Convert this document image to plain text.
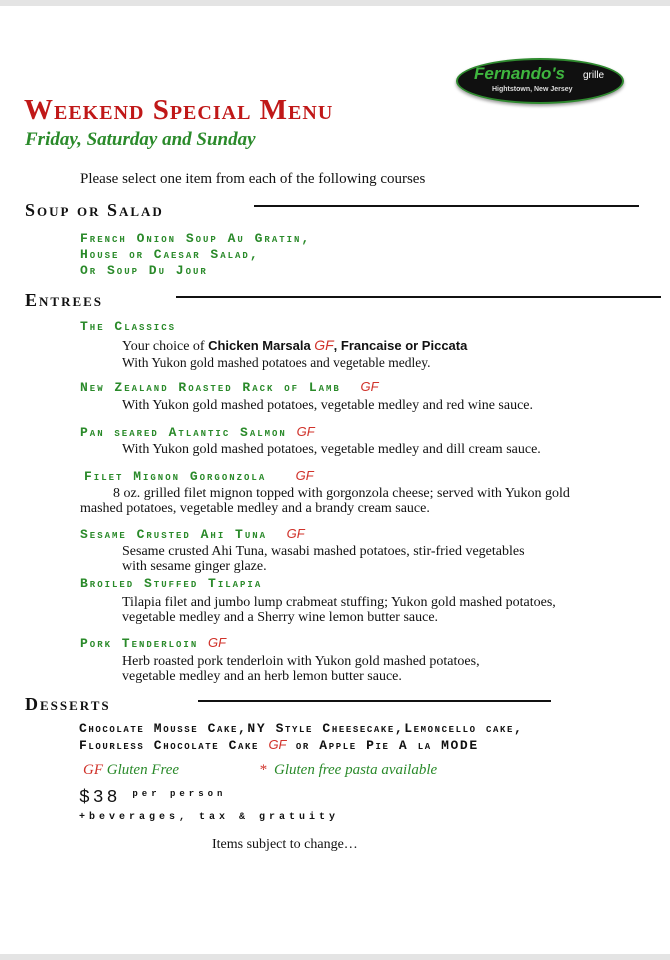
Fernando's grille
Hightstown, New Jersey
Weekend Special Menu
Friday, Saturday and Sunday
Please select one item from each of the following courses
Soup or Salad
French Onion Soup Au Gratin,
House or Caesar Salad,
Or Soup Du Jour
Entrees
The Classics
Your choice of Chicken Marsala GF, Francaise or Piccata
With Yukon gold mashed potatoes and vegetable medley.
New Zealand Roasted Rack of Lamb GF
With Yukon gold mashed potatoes, vegetable medley and red wine sauce.
Pan seared Atlantic Salmon GF
With Yukon gold mashed potatoes, vegetable medley and dill cream sauce.
Filet Mignon Gorgonzola GF
8 oz. grilled filet mignon topped with gorgonzola cheese; served with Yukon gold
mashed potatoes, vegetable medley and a brandy cream sauce.
Sesame Crusted Ahi Tuna GF
Sesame crusted Ahi Tuna, wasabi mashed potatoes, stir-fried vegetables
with sesame ginger glaze.
Broiled Stuffed Tilapia
Tilapia filet and jumbo lump crabmeat stuffing; Yukon gold mashed potatoes,
vegetable medley and a Sherry wine lemon butter sauce.
Pork Tenderloin GF
Herb roasted pork tenderloin with Yukon gold mashed potatoes,
vegetable medley and an herb lemon butter sauce.
Desserts
Chocolate Mousse Cake,NY Style Cheesecake,Lemoncello cake,
Flourless Chocolate Cake GF or Apple Pie A la MODE
GF Gluten Free	* Gluten free pasta available
$38 $^{per person}$
+beverages, tax & gratuity
Items subject to change…
